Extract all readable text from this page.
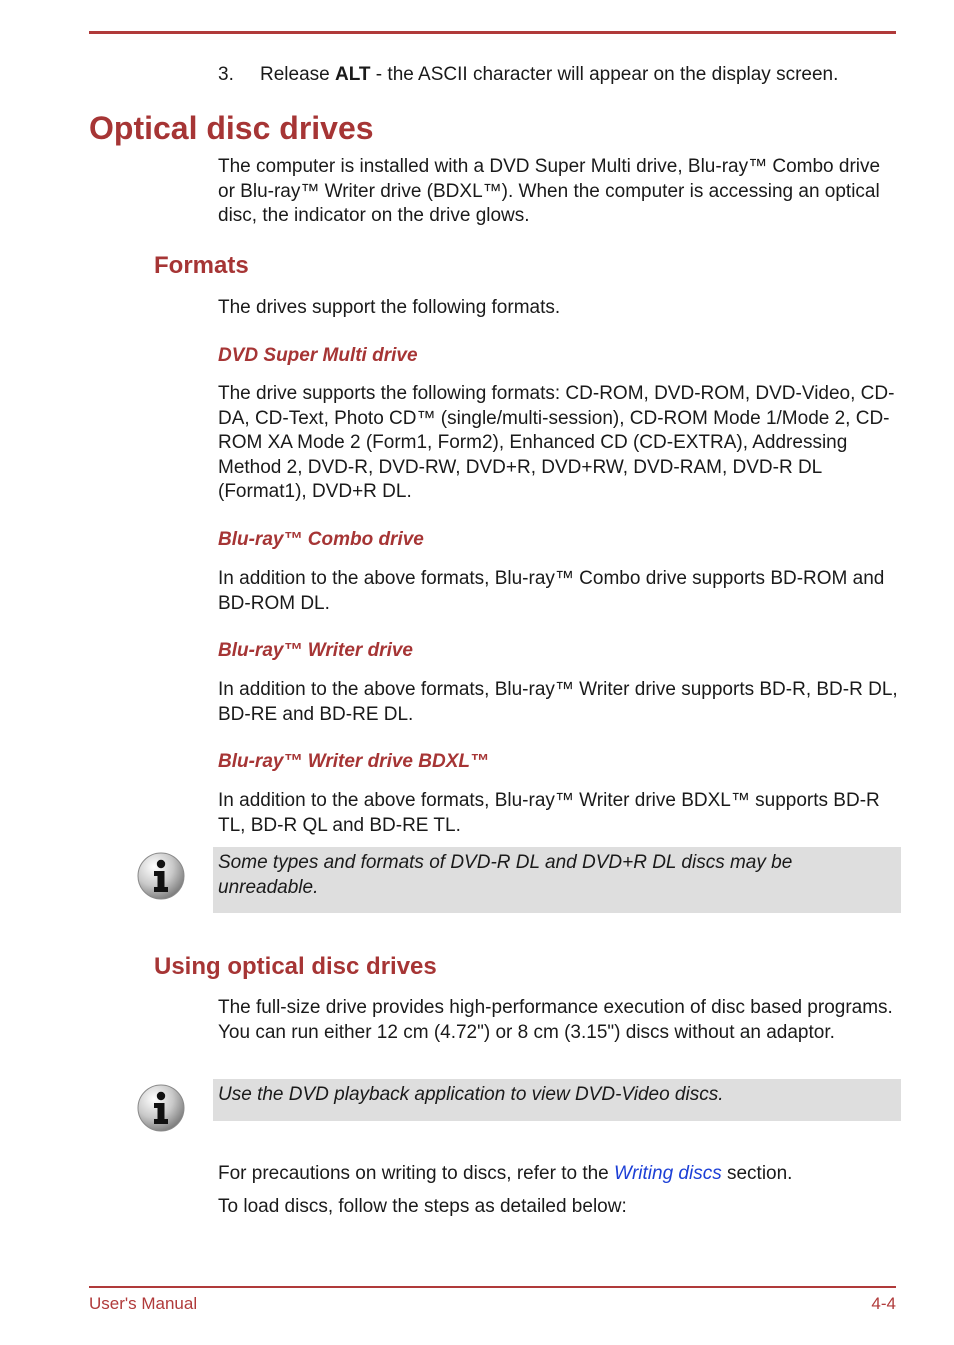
3. Release ALT - the ASCII character will appear on the display screen.
Optical disc drives
The computer is installed with a DVD Super Multi drive, Blu-ray™ Combo drive or Blu-ray™ Writer drive (BDXL™). When the computer is accessing an optical disc, the indicator on the drive glows.
Formats
The drives support the following formats.
DVD Super Multi drive
The drive supports the following formats: CD-ROM, DVD-ROM, DVD-Video, CD-DA, CD-Text, Photo CD™ (single/multi-session), CD-ROM Mode 1/Mode 2, CD-ROM XA Mode 2 (Form1, Form2), Enhanced CD (CD-EXTRA), Addressing Method 2, DVD-R, DVD-RW, DVD+R, DVD+RW, DVD-RAM, DVD-R DL (Format1), DVD+R DL.
Blu-ray™ Combo drive
In addition to the above formats, Blu-ray™ Combo drive supports BD-ROM and BD-ROM DL.
Blu-ray™ Writer drive
In addition to the above formats, Blu-ray™ Writer drive supports BD-R, BD-R DL, BD-RE and BD-RE DL.
Blu-ray™ Writer drive BDXL™
In addition to the above formats, Blu-ray™ Writer drive BDXL™ supports BD-R TL, BD-R QL and BD-RE TL.
Some types and formats of DVD-R DL and DVD+R DL discs may be unreadable.
Using optical disc drives
The full-size drive provides high-performance execution of disc based programs. You can run either 12 cm (4.72") or 8 cm (3.15") discs without an adaptor.
Use the DVD playback application to view DVD-Video discs.
For precautions on writing to discs, refer to the Writing discs section.
To load discs, follow the steps as detailed below:
User's Manual	4-4
